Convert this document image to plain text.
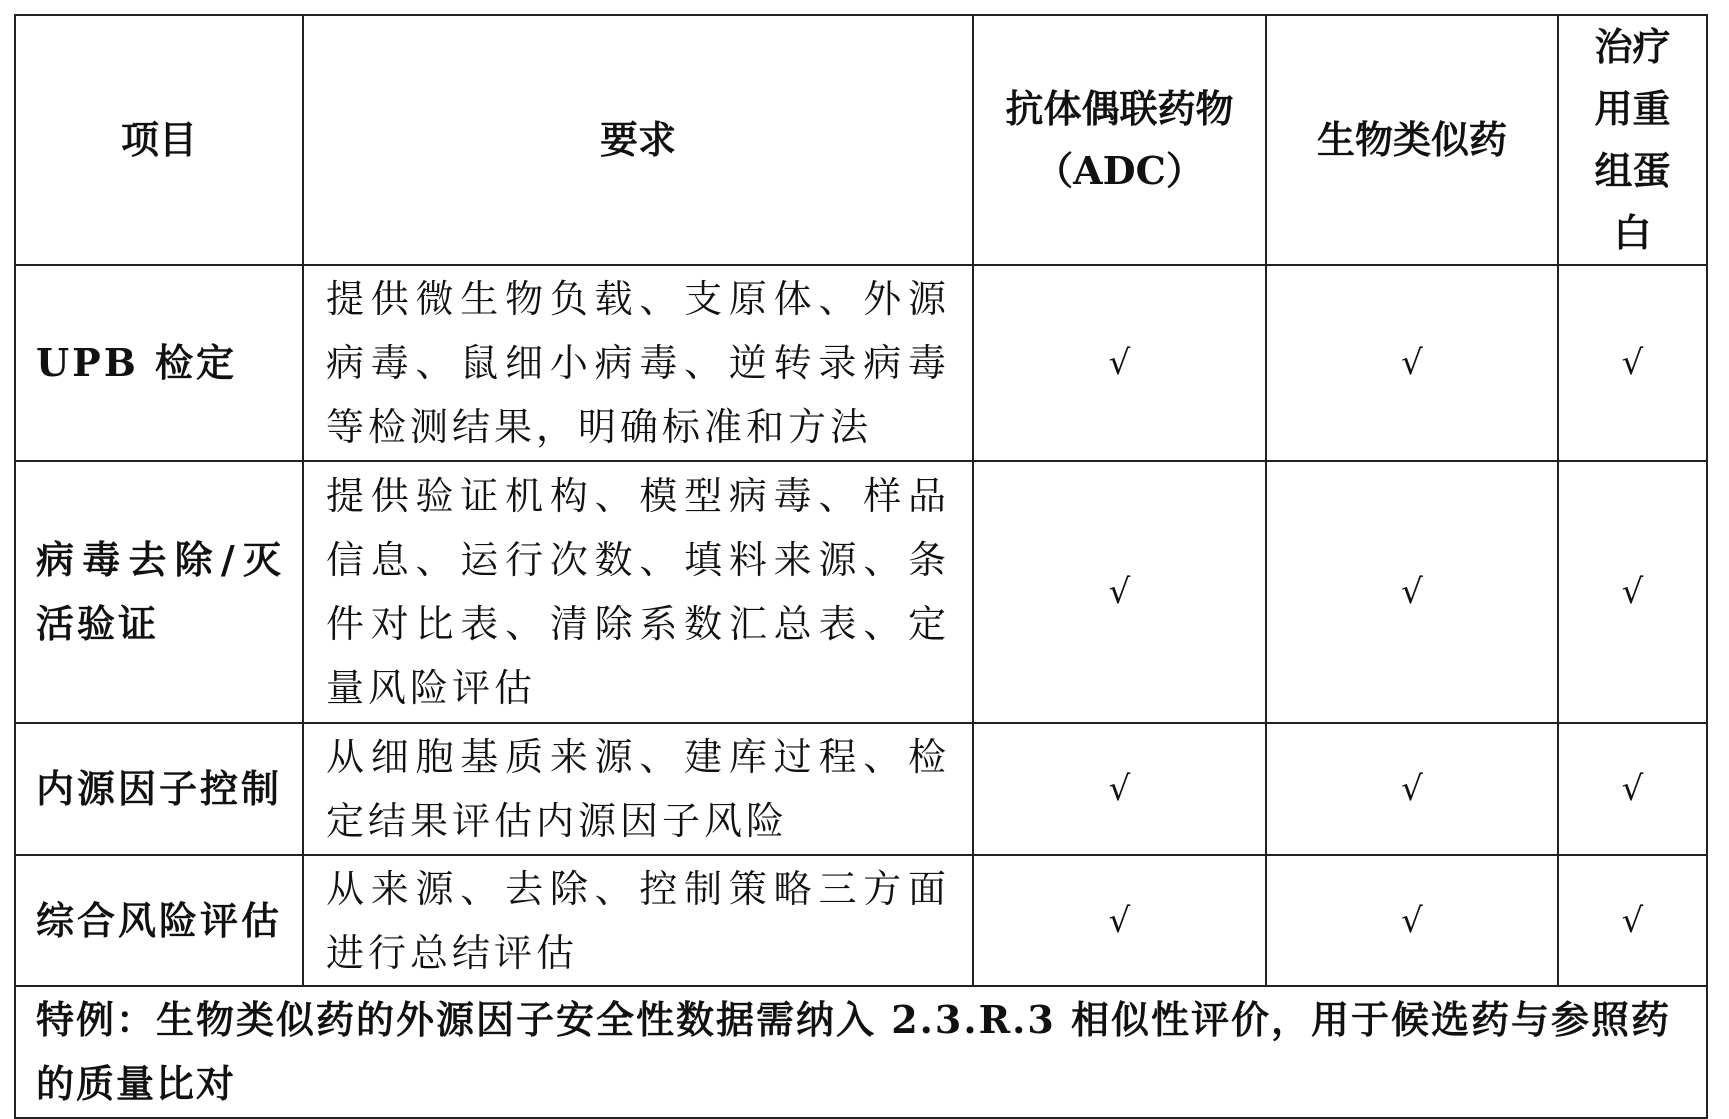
项目	要求	抗体偶联药物（ADC）	生物类似药	治疗用重组蛋白
UPB 检定	提供微生物负载、支原体、外源病毒、鼠细小病毒、逆转录病毒等检测结果，明确标准和方法	√	√	√
病毒去除/灭活验证	提供验证机构、模型病毒、样品信息、运行次数、填料来源、条件对比表、清除系数汇总表、定量风险评估	√	√	√
内源因子控制	从细胞基质来源、建库过程、检定结果评估内源因子风险	√	√	√
综合风险评估	从来源、去除、控制策略三方面进行总结评估	√	√	√
特例：生物类似药的外源因子安全性数据需纳入 2.3.R.3 相似性评价，用于候选药与参照药的质量比对				
